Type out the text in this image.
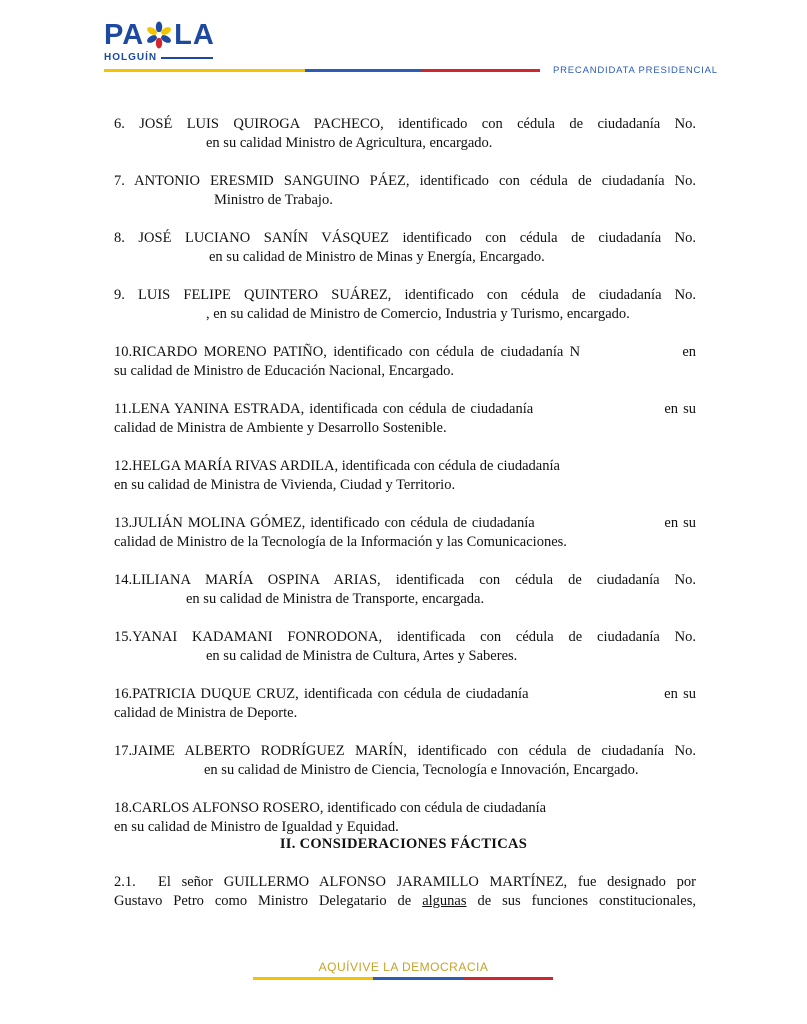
PA LA
HOLGUÍN
PRECANDIDATA PRESIDENCIAL
6. JOSÉ LUIS QUIROGA PACHECO, identificado con cédula de ciudadanía No.
en su calidad Ministro de Agricultura, encargado.
7. ANTONIO ERESMID SANGUINO PÁEZ, identificado con cédula de ciudadanía No.
Ministro de Trabajo.
8. JOSÉ LUCIANO SANÍN VÁSQUEZ identificado con cédula de ciudadanía No.
en su calidad de Ministro de Minas y Energía, Encargado.
9. LUIS FELIPE QUINTERO SUÁREZ, identificado con cédula de ciudadanía No.
, en su calidad de Ministro de Comercio, Industria y Turismo, encargado.
10.RICARDO MORENO PATIÑO, identificado con cédula de ciudadanía N                en
su calidad de Ministro de Educación Nacional, Encargado.
11.LENA YANINA ESTRADA, identificada con cédula de ciudadanía                          en su
calidad de Ministra de Ambiente y Desarrollo Sostenible.
12.HELGA MARÍA RIVAS ARDILA, identificada con cédula de ciudadanía
en su calidad de Ministra de Vivienda, Ciudad y Territorio.
13.JULIÁN MOLINA GÓMEZ, identificado con cédula de ciudadanía                          en su
calidad de Ministro de la Tecnología de la Información y las Comunicaciones.
14.LILIANA MARÍA OSPINA ARIAS, identificada con cédula de ciudadanía No.
en su calidad de Ministra de Transporte, encargada.
15.YANAI KADAMANI FONRODONA, identificada con cédula de ciudadanía No.
en su calidad de Ministra de Cultura, Artes y Saberes.
16.PATRICIA DUQUE CRUZ, identificada con cédula de ciudadanía                          en su
calidad de Ministra de Deporte.
17.JAIME ALBERTO RODRÍGUEZ MARÍN, identificado con cédula de ciudadanía No.
en su calidad de Ministro de Ciencia, Tecnología e Innovación, Encargado.
18.CARLOS ALFONSO ROSERO, identificado con cédula de ciudadanía
en su calidad de Ministro de Igualdad y Equidad.
II. CONSIDERACIONES FÁCTICAS
2.1. El señor GUILLERMO ALFONSO JARAMILLO MARTÍNEZ, fue designado por
Gustavo Petro como Ministro Delegatario de algunas de sus funciones constitucionales,
AQUÍVIVE LA DEMOCRACIA
